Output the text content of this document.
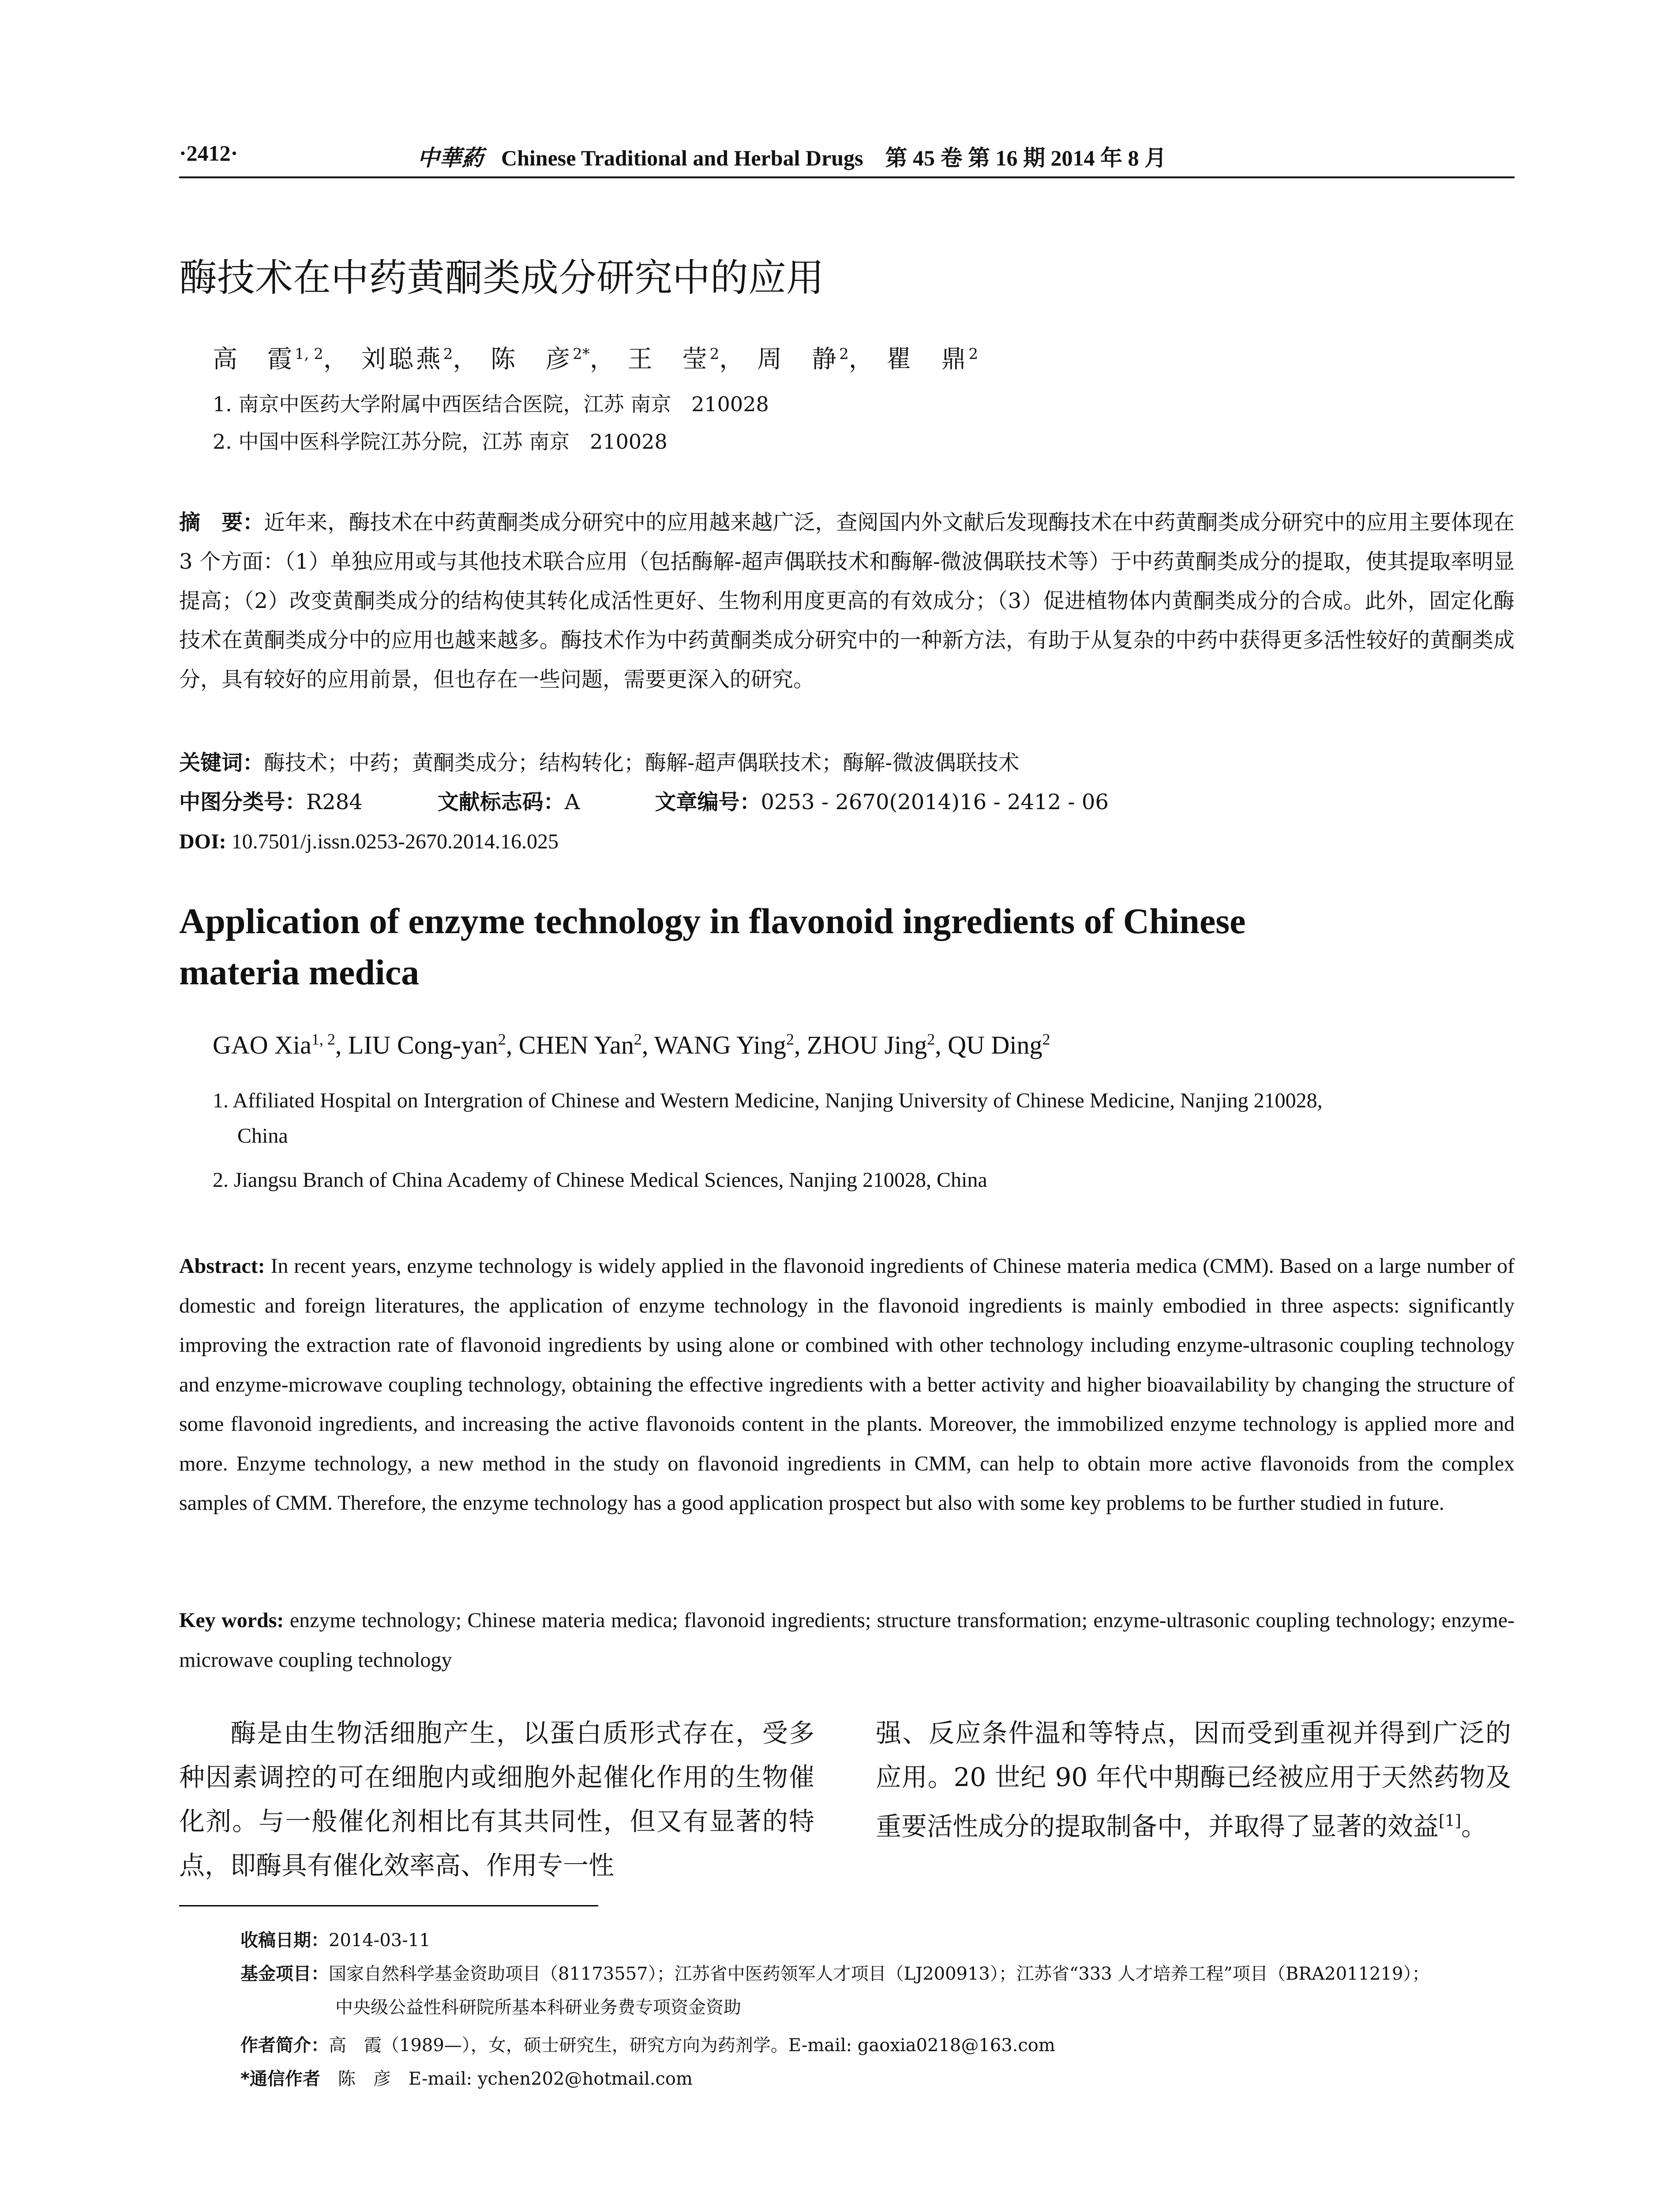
·2412·	中華葯 Chinese Traditional and Herbal Drugs　第 45 卷 第 16 期 2014 年 8 月
酶技术在中药黄酮类成分研究中的应用
高　霞$^{1, 2}$， 刘聪燕$^2$， 陈　彦$^{2*}$， 王　莹$^2$， 周　静$^2$， 瞿　鼎$^2$
1. 南京中医药大学附属中西医结合医院，江苏 南京　210028
2. 中国中医科学院江苏分院，江苏 南京　210028
摘　要：近年来，酶技术在中药黄酮类成分研究中的应用越来越广泛，查阅国内外文献后发现酶技术在中药黄酮类成分研究中的应用主要体现在 3 个方面：（1）单独应用或与其他技术联合应用（包括酶解-超声偶联技术和酶解-微波偶联技术等）于中药黄酮类成分的提取，使其提取率明显提高；（2）改变黄酮类成分的结构使其转化成活性更好、生物利用度更高的有效成分；（3）促进植物体内黄酮类成分的合成。此外，固定化酶技术在黄酮类成分中的应用也越来越多。酶技术作为中药黄酮类成分研究中的一种新方法，有助于从复杂的中药中获得更多活性较好的黄酮类成分，具有较好的应用前景，但也存在一些问题，需要更深入的研究。
关键词：酶技术；中药；黄酮类成分；结构转化；酶解-超声偶联技术；酶解-微波偶联技术
中图分类号：R284	文献标志码：A	文章编号：0253 - 2670(2014)16 - 2412 - 06
DOI: 10.7501/j.issn.0253-2670.2014.16.025
Application of enzyme technology in flavonoid ingredients of Chinese materia medica
GAO Xia$^{1, 2}$, LIU Cong-yan$^2$, CHEN Yan$^2$, WANG Ying$^2$, ZHOU Jing$^2$, QU Ding$^2$
1. Affiliated Hospital on Intergration of Chinese and Western Medicine, Nanjing University of Chinese Medicine, Nanjing 210028,
China
2. Jiangsu Branch of China Academy of Chinese Medical Sciences, Nanjing 210028, China
Abstract: In recent years, enzyme technology is widely applied in the flavonoid ingredients of Chinese materia medica (CMM). Based on a large number of domestic and foreign literatures, the application of enzyme technology in the flavonoid ingredients is mainly embodied in three aspects: significantly improving the extraction rate of flavonoid ingredients by using alone or combined with other technology including enzyme-ultrasonic coupling technology and enzyme-microwave coupling technology, obtaining the effective ingredients with a better activity and higher bioavailability by changing the structure of some flavonoid ingredients, and increasing the active flavonoids content in the plants. Moreover, the immobilized enzyme technology is applied more and more. Enzyme technology, a new method in the study on flavonoid ingredients in CMM, can help to obtain more active flavonoids from the complex samples of CMM. Therefore, the enzyme technology has a good application prospect but also with some key problems to be further studied in future.
Key words: enzyme technology; Chinese materia medica; flavonoid ingredients; structure transformation; enzyme-ultrasonic coupling technology; enzyme-microwave coupling technology
酶是由生物活细胞产生，以蛋白质形式存在，受多种因素调控的可在细胞内或细胞外起催化作用的生物催化剂。与一般催化剂相比有其共同性，但又有显著的特点，即酶具有催化效率高、作用专一性
强、反应条件温和等特点，因而受到重视并得到广泛的应用。20 世纪 90 年代中期酶已经被应用于天然药物及重要活性成分的提取制备中，并取得了显著的效益[1]。
收稿日期：2014-03-11
基金项目：国家自然科学基金资助项目（81173557）；江苏省中医药领军人才项目（LJ200913）；江苏省“333 人才培养工程”项目（BRA2011219）；
中央级公益性科研院所基本科研业务费专项资金资助
作者简介：高　霞（1989—），女，硕士研究生，研究方向为药剂学。E-mail: gaoxia0218@163.com
*通信作者　 陈　彦　E-mail: ychen202@hotmail.com
